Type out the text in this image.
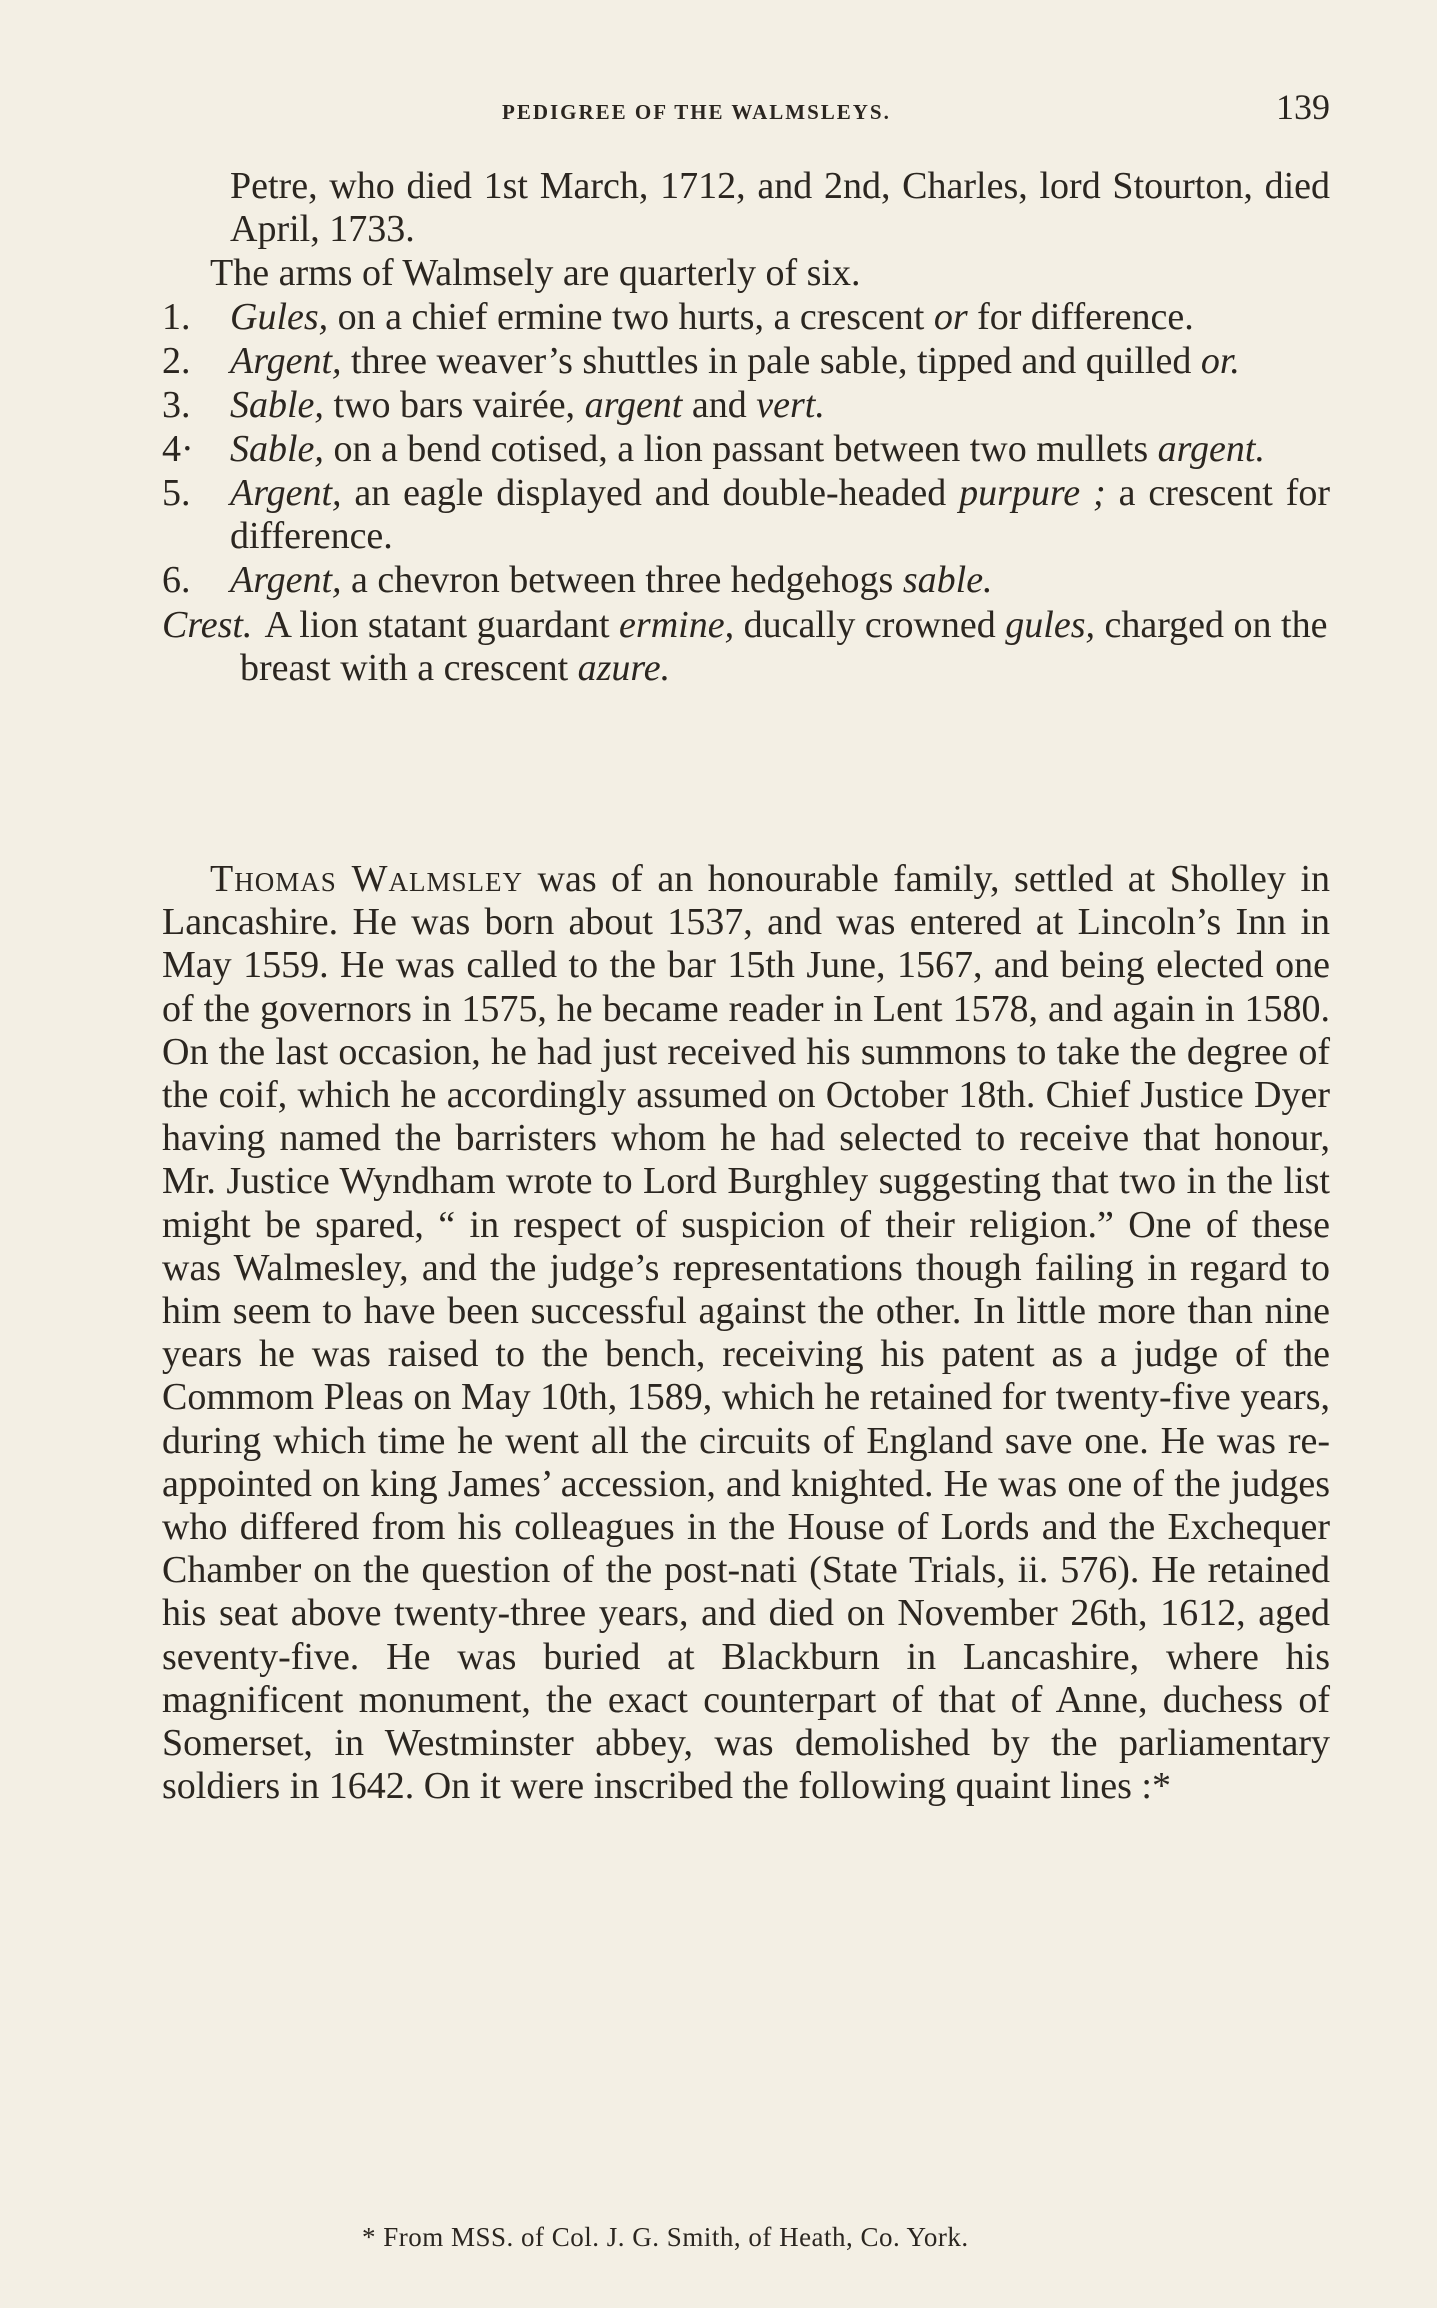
PEDIGREE OF THE WALMSLEYS.	139

Petre, who died 1st March, 1712, and 2nd, Charles, lord Stourton, died April, 1733.

The arms of Walmsely are quarterly of six.

1.	Gules, on a chief ermine two hurts, a crescent or for difference.
2.	Argent, three weaver’s shuttles in pale sable, tipped and quilled or.
3.	Sable, two bars vairée, argent and vert.
4· Sable, on a bend cotised, a lion passant between two mullets argent.
5.	Argent, an eagle displayed and double-headed purpure ; a crescent for difference.
6.	Argent, a chevron between three hedgehogs sable.

Crest. A lion statant guardant ermine, ducally crowned gules, charged on the breast with a crescent azure.

Thomas Walmsley was of an honourable family, settled at Sholley in Lancashire. He was born about 1537, and was entered at Lincoln’s Inn in May 1559. He was called to the bar 15th June, 1567, and being elected one of the governors in 1575, he became reader in Lent 1578, and again in 1580. On the last occasion, he had just received his summons to take the degree of the coif, which he accordingly assumed on October 18th. Chief Justice Dyer having named the barristers whom he had selected to receive that honour, Mr. Justice Wyndham wrote to Lord Burghley suggesting that two in the list might be spared, “ in respect of suspicion of their religion.” One of these was Walmesley, and the judge’s representations though failing in regard to him seem to have been successful against the other. In little more than nine years he was raised to the bench, receiving his patent as a judge of the Commom Pleas on May 10th, 1589, which he retained for twenty-five years, during which time he went all the circuits of England save one. He was re-appointed on king James’ accession, and knighted. He was one of the judges who differed from his colleagues in the House of Lords and the Exchequer Chamber on the question of the post-nati (State Trials, ii. 576). He retained his seat above twenty-three years, and died on November 26th, 1612, aged seventy-five. He was buried at Blackburn in Lancashire, where his magnificent monument, the exact counterpart of that of Anne, duchess of Somerset, in Westminster abbey, was demolished by the parliamentary soldiers in 1642. On it were inscribed the following quaint lines :*

* From MSS. of Col. J. G. Smith, of Heath, Co. York.
